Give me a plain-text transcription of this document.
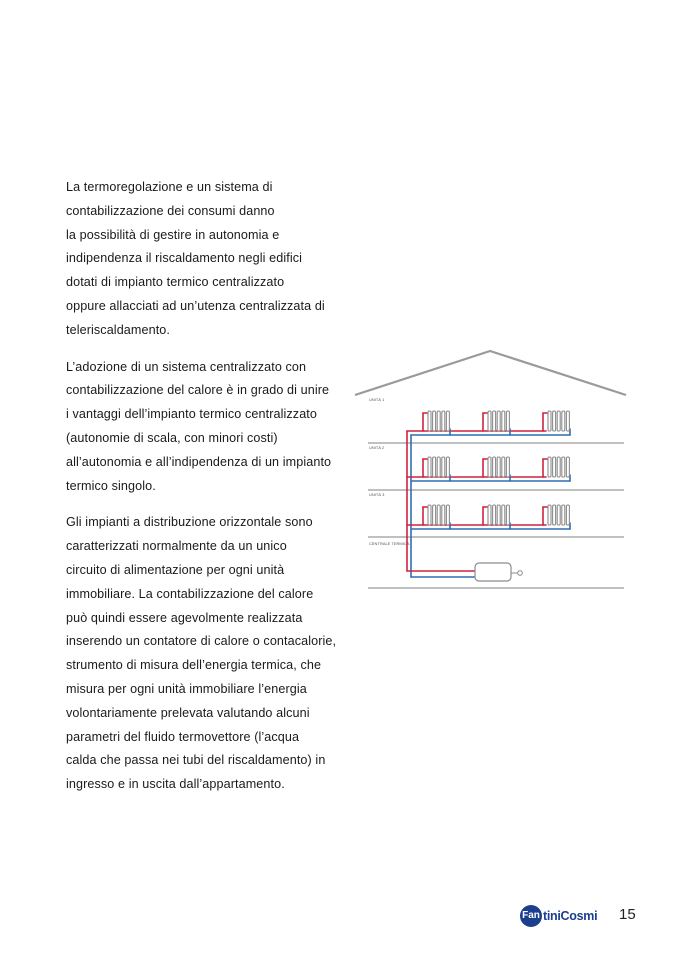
La termoregolazione e un sistema di
contabilizzazione dei consumi danno
la possibilità di gestire in autonomia e
indipendenza il riscaldamento negli edifici
dotati di impianto termico centralizzato
oppure allacciati ad un’utenza centralizzata di
teleriscaldamento.

L’adozione di un sistema centralizzato con
contabilizzazione del calore è in grado di unire
i vantaggi dell’impianto termico centralizzato
(autonomie di scala, con minori costi)
all’autonomia e all’indipendenza di un impianto
termico singolo.

Gli impianti a distribuzione orizzontale sono
caratterizzati normalmente da un unico
circuito di alimentazione per ogni unità
immobiliare. La contabilizzazione del calore
può quindi essere agevolmente realizzata
inserendo un contatore di calore o contacalorie,
strumento di misura dell’energia termica, che
misura per ogni unità immobiliare l’energia
volontariamente prelevata valutando alcuni
parametri del fluido termovettore (l’acqua
calda che passa nei tubi del riscaldamento) in
ingresso e in uscita dall’appartamento.

UNITÀ 1
UNITÀ 2
UNITÀ 3
CENTRALE TERMICA
Fan tiniCosmi 15
